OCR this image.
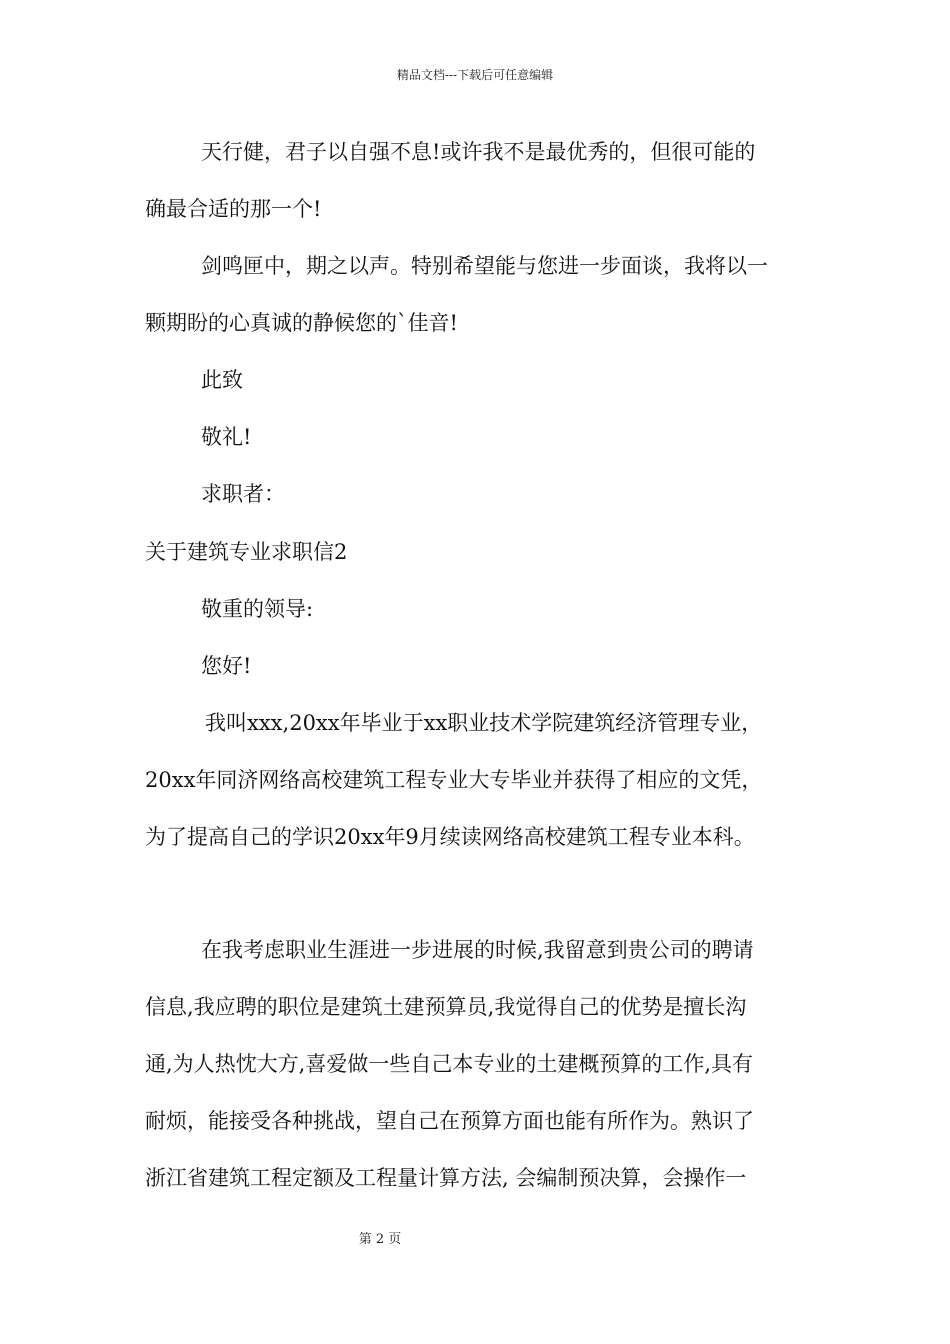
精品文档---下载后可任意编辑
天行健，君子以自强不息!或许我不是最优秀的，但很可能的
确最合适的那一个!
剑鸣匣中，期之以声。特别希望能与您进一步面谈，我将以一
颗期盼的心真诚的静候您的`佳音!
此致
敬礼!
求职者：
关于建筑专业求职信2
敬重的领导:
您好!
我叫xxx,20xx年毕业于xx职业技术学院建筑经济管理专业，
20xx年同济网络高校建筑工程专业大专毕业并获得了相应的文凭，
为了提高自己的学识20xx年9月续读网络高校建筑工程专业本科。
在我考虑职业生涯进一步进展的时候,我留意到贵公司的聘请
信息,我应聘的职位是建筑土建预算员,我觉得自己的优势是擅长沟
通,为人热忱大方,喜爱做一些自己本专业的土建概预算的工作,具有
耐烦，能接受各种挑战，望自己在预算方面也能有所作为。熟识了
浙江省建筑工程定额及工程量计算方法, 会编制预决算，会操作一
第 2 页
